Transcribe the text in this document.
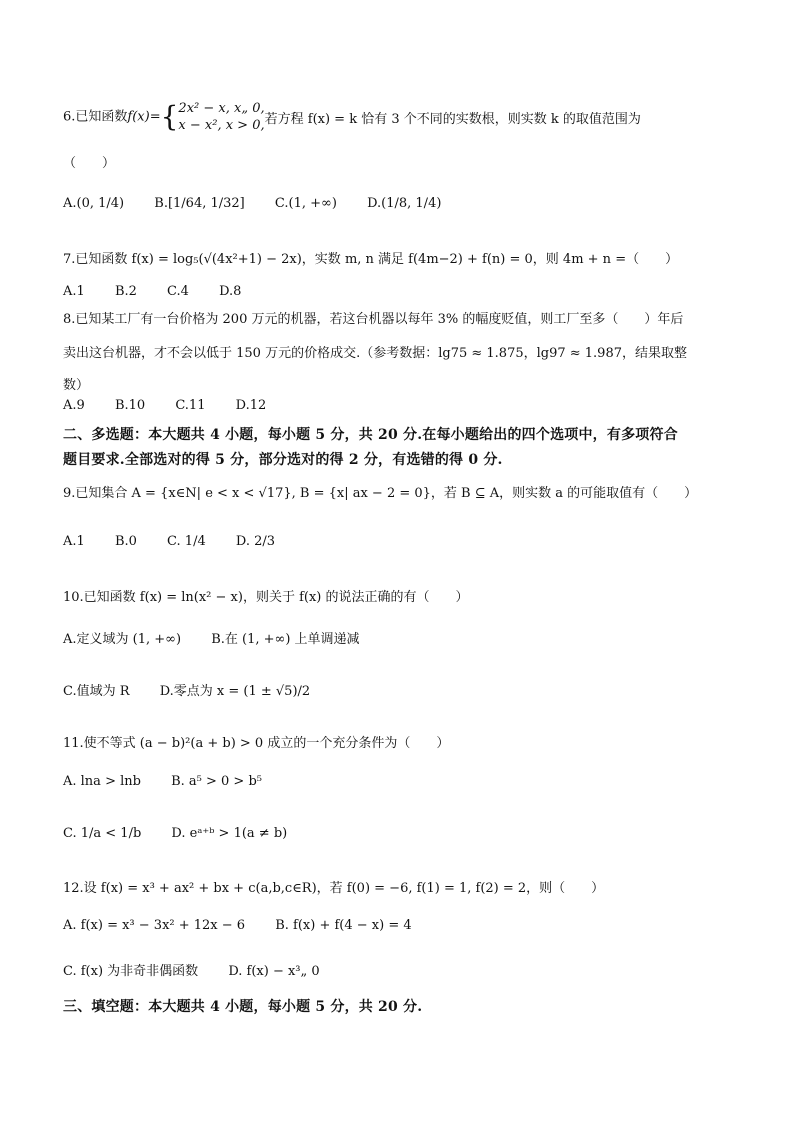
6.已知函数f(x)={ 2x² − x, x„ 0,
x − x², x > 0, 若方程 f(x) = k 恰有 3 个不同的实数根，则实数 k 的取值范围为
（　　）
A.(0, 1/4) B.[1/64, 1/32] C.(1, +∞) D.(1/8, 1/4)
7.已知函数 f(x) = log₅(√(4x²+1) − 2x)，实数 m, n 满足 f(4m−2) + f(n) = 0，则 4m + n =（　　）
A.1 B.2 C.4 D.8
8.已知某工厂有一台价格为 200 万元的机器，若这台机器以每年 3% 的幅度贬值，则工厂至多（　　）年后
卖出这台机器，才不会以低于 150 万元的价格成交.（参考数据：lg75 ≈ 1.875，lg97 ≈ 1.987，结果取整
数）
A.9 B.10 C.11 D.12
二、多选题：本大题共 4 小题，每小题 5 分，共 20 分.在每小题给出的四个选项中，有多项符合
题目要求.全部选对的得 5 分，部分选对的得 2 分，有选错的得 0 分.
9.已知集合 A = {x∈N| e < x < √17}, B = {x| ax − 2 = 0}，若 B ⊆ A，则实数 a 的可能取值有（　　）
A.1 B.0 C. 1/4 D. 2/3
10.已知函数 f(x) = ln(x² − x)，则关于 f(x) 的说法正确的有（　　）
A.定义域为 (1, +∞) B.在 (1, +∞) 上单调递减
C.值域为 R D.零点为 x = (1 ± √5)/2
11.使不等式 (a − b)²(a + b) > 0 成立的一个充分条件为（　　）
A. lna > lnb B. a⁵ > 0 > b⁵
C. 1/a < 1/b D. eᵃ⁺ᵇ > 1(a ≠ b)
12.设 f(x) = x³ + ax² + bx + c(a,b,c∈R)，若 f(0) = −6, f(1) = 1, f(2) = 2，则（　　）
A. f(x) = x³ − 3x² + 12x − 6 B. f(x) + f(4 − x) = 4
C. f(x) 为非奇非偶函数 D. f(x) − x³„ 0
三、填空题：本大题共 4 小题，每小题 5 分，共 20 分.
